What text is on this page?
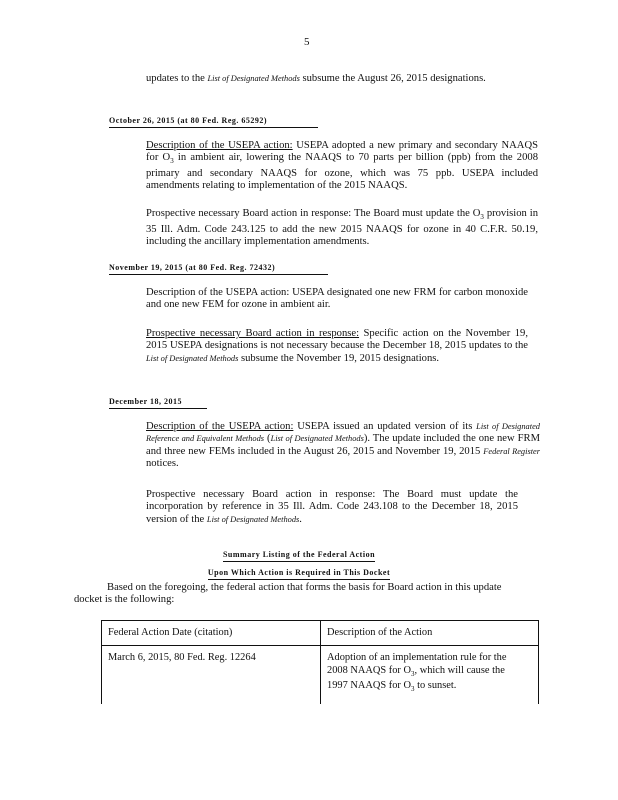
5
updates to the List of Designated Methods subsume the August 26, 2015 designations.
October 26, 2015 (at 80 Fed. Reg. 65292)
Description of the USEPA action: USEPA adopted a new primary and secondary NAAQS for $O_3$ in ambient air, lowering the NAAQS to 70 parts per billion (ppb) from the 2008 primary and secondary NAAQS for ozone, which was 75 ppb. USEPA included amendments relating to implementation of the 2015 NAAQS.
Prospective necessary Board action in response: The Board must update the $O_3$ provision in 35 Ill. Adm. Code 243.125 to add the new 2015 NAAQS for ozone in 40 C.F.R. 50.19, including the ancillary implementation amendments.
November 19, 2015 (at 80 Fed. Reg. 72432)
Description of the USEPA action: USEPA designated one new FRM for carbon monoxide and one new FEM for ozone in ambient air.
Prospective necessary Board action in response: Specific action on the November 19, 2015 USEPA designations is not necessary because the December 18, 2015 updates to the List of Designated Methods subsume the November 19, 2015 designations.
December 18, 2015
Description of the USEPA action: USEPA issued an updated version of its List of Designated Reference and Equivalent Methods (List of Designated Methods). The update included the one new FRM and three new FEMs included in the August 26, 2015 and November 19, 2015 Federal Register notices.
Prospective necessary Board action in response: The Board must update the incorporation by reference in 35 Ill. Adm. Code 243.108 to the December 18, 2015 version of the List of Designated Methods.
Summary Listing of the Federal Action
Upon Which Action is Required in This Docket
Based on the foregoing, the federal action that forms the basis for Board action in this update docket is the following:
Federal Action Date (citation)	Description of the Action
March 6, 2015, 80 Fed. Reg. 12264	Adoption of an implementation rule for the 2008 NAAQS for $O_3$, which will cause the 1997 NAAQS for $O_3$ to sunset.
